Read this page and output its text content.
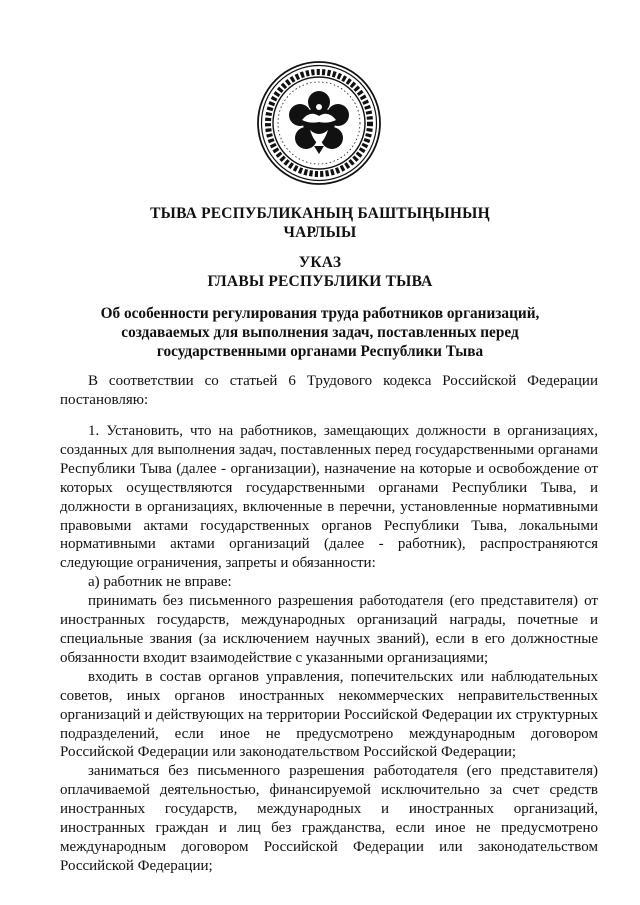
ТЫВА РЕСПУБЛИКАНЫҢ БАШТЫҢЫНЫҢ
ЧАРЛЫЫ
УКАЗ
ГЛАВЫ РЕСПУБЛИКИ ТЫВА
Об особенности регулирования труда работников организаций,
создаваемых для выполнения задач, поставленных перед
государственными органами Республики Тыва

В соответствии со статьей 6 Трудового кодекса Российской Федерации постановляю:

1. Установить, что на работников, замещающих должности в организациях, созданных для выполнения задач, поставленных перед государственными органами Республики Тыва (далее - организации), назначение на которые и освобождение от которых осуществляются государственными органами Республики Тыва, и должности в организациях, включенные в перечни, установленные нормативными правовыми актами государственных органов Республики Тыва, локальными нормативными актами организаций (далее - работник), распространяются следующие ограничения, запреты и обязанности:

а) работник не вправе:

принимать без письменного разрешения работодателя (его представителя) от иностранных государств, международных организаций награды, почетные и специальные звания (за исключением научных званий), если в его должностные обязанности входит взаимодействие с указанными организациями;

входить в состав органов управления, попечительских или наблюдательных советов, иных органов иностранных некоммерческих неправительственных организаций и действующих на территории Российской Федерации их структурных подразделений, если иное не предусмотрено международным договором Российской Федерации или законодательством Российской Федерации;

заниматься без письменного разрешения работодателя (его представителя) оплачиваемой деятельностью, финансируемой исключительно за счет средств иностранных государств, международных и иностранных организаций, иностранных граждан и лиц без гражданства, если иное не предусмотрено международным договором Российской Федерации или законодательством Российской Федерации;
